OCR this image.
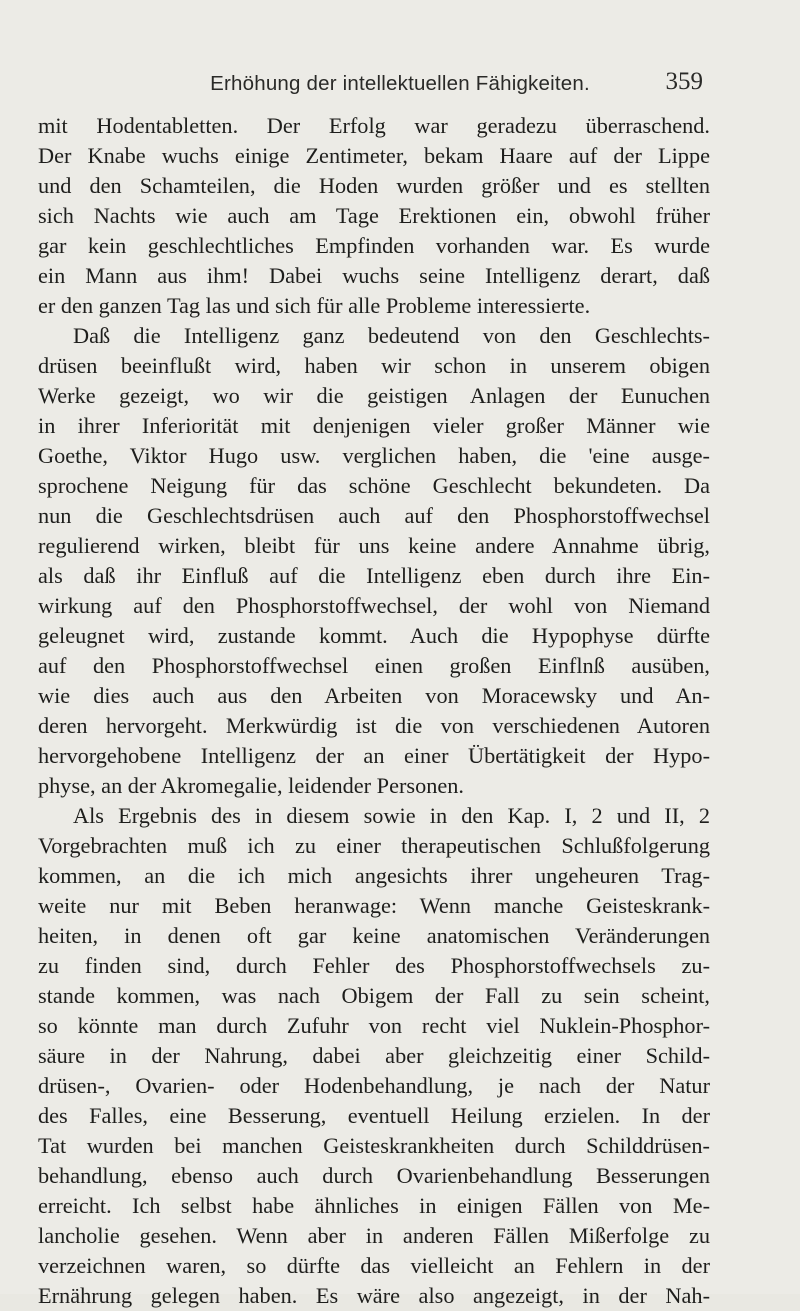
Erhöhung der intellektuellen Fähigkeiten.	359
mit Hodentabletten. Der Erfolg war geradezu überraschend.
Der Knabe wuchs einige Zentimeter, bekam Haare auf der Lippe
und den Schamteilen, die Hoden wurden größer und es stellten
sich Nachts wie auch am Tage Erektionen ein, obwohl früher
gar kein geschlechtliches Empfinden vorhanden war. Es wurde
ein Mann aus ihm! Dabei wuchs seine Intelligenz derart, daß
er den ganzen Tag las und sich für alle Probleme interessierte.
Daß die Intelligenz ganz bedeutend von den Geschlechts-
drüsen beeinflußt wird, haben wir schon in unserem obigen
Werke gezeigt, wo wir die geistigen Anlagen der Eunuchen
in ihrer Inferiorität mit denjenigen vieler großer Männer wie
Goethe, Viktor Hugo usw. verglichen haben, die 'eine ausge-
sprochene Neigung für das schöne Geschlecht bekundeten. Da
nun die Geschlechtsdrüsen auch auf den Phosphorstoffwechsel
regulierend wirken, bleibt für uns keine andere Annahme übrig,
als daß ihr Einfluß auf die Intelligenz eben durch ihre Ein-
wirkung auf den Phosphorstoffwechsel, der wohl von Niemand
geleugnet wird, zustande kommt. Auch die Hypophyse dürfte
auf den Phosphorstoffwechsel einen großen Einflnß ausüben,
wie dies auch aus den Arbeiten von Moracewsky und An-
deren hervorgeht. Merkwürdig ist die von verschiedenen Autoren
hervorgehobene Intelligenz der an einer Übertätigkeit der Hypo-
physe, an der Akromegalie, leidender Personen.
Als Ergebnis des in diesem sowie in den Kap. I, 2 und II, 2
Vorgebrachten muß ich zu einer therapeutischen Schlußfolgerung
kommen, an die ich mich angesichts ihrer ungeheuren Trag-
weite nur mit Beben heranwage: Wenn manche Geisteskrank-
heiten, in denen oft gar keine anatomischen Veränderungen
zu finden sind, durch Fehler des Phosphorstoffwechsels zu-
stande kommen, was nach Obigem der Fall zu sein scheint,
so könnte man durch Zufuhr von recht viel Nuklein-Phosphor-
säure in der Nahrung, dabei aber gleichzeitig einer Schild-
drüsen-, Ovarien- oder Hodenbehandlung, je nach der Natur
des Falles, eine Besserung, eventuell Heilung erzielen. In der
Tat wurden bei manchen Geisteskrankheiten durch Schilddrüsen-
behandlung, ebenso auch durch Ovarienbehandlung Besserungen
erreicht. Ich selbst habe ähnliches in einigen Fällen von Me-
lancholie gesehen. Wenn aber in anderen Fällen Mißerfolge zu
verzeichnen waren, so dürfte das vielleicht an Fehlern in der
Ernährung gelegen haben. Es wäre also angezeigt, in der Nah-
